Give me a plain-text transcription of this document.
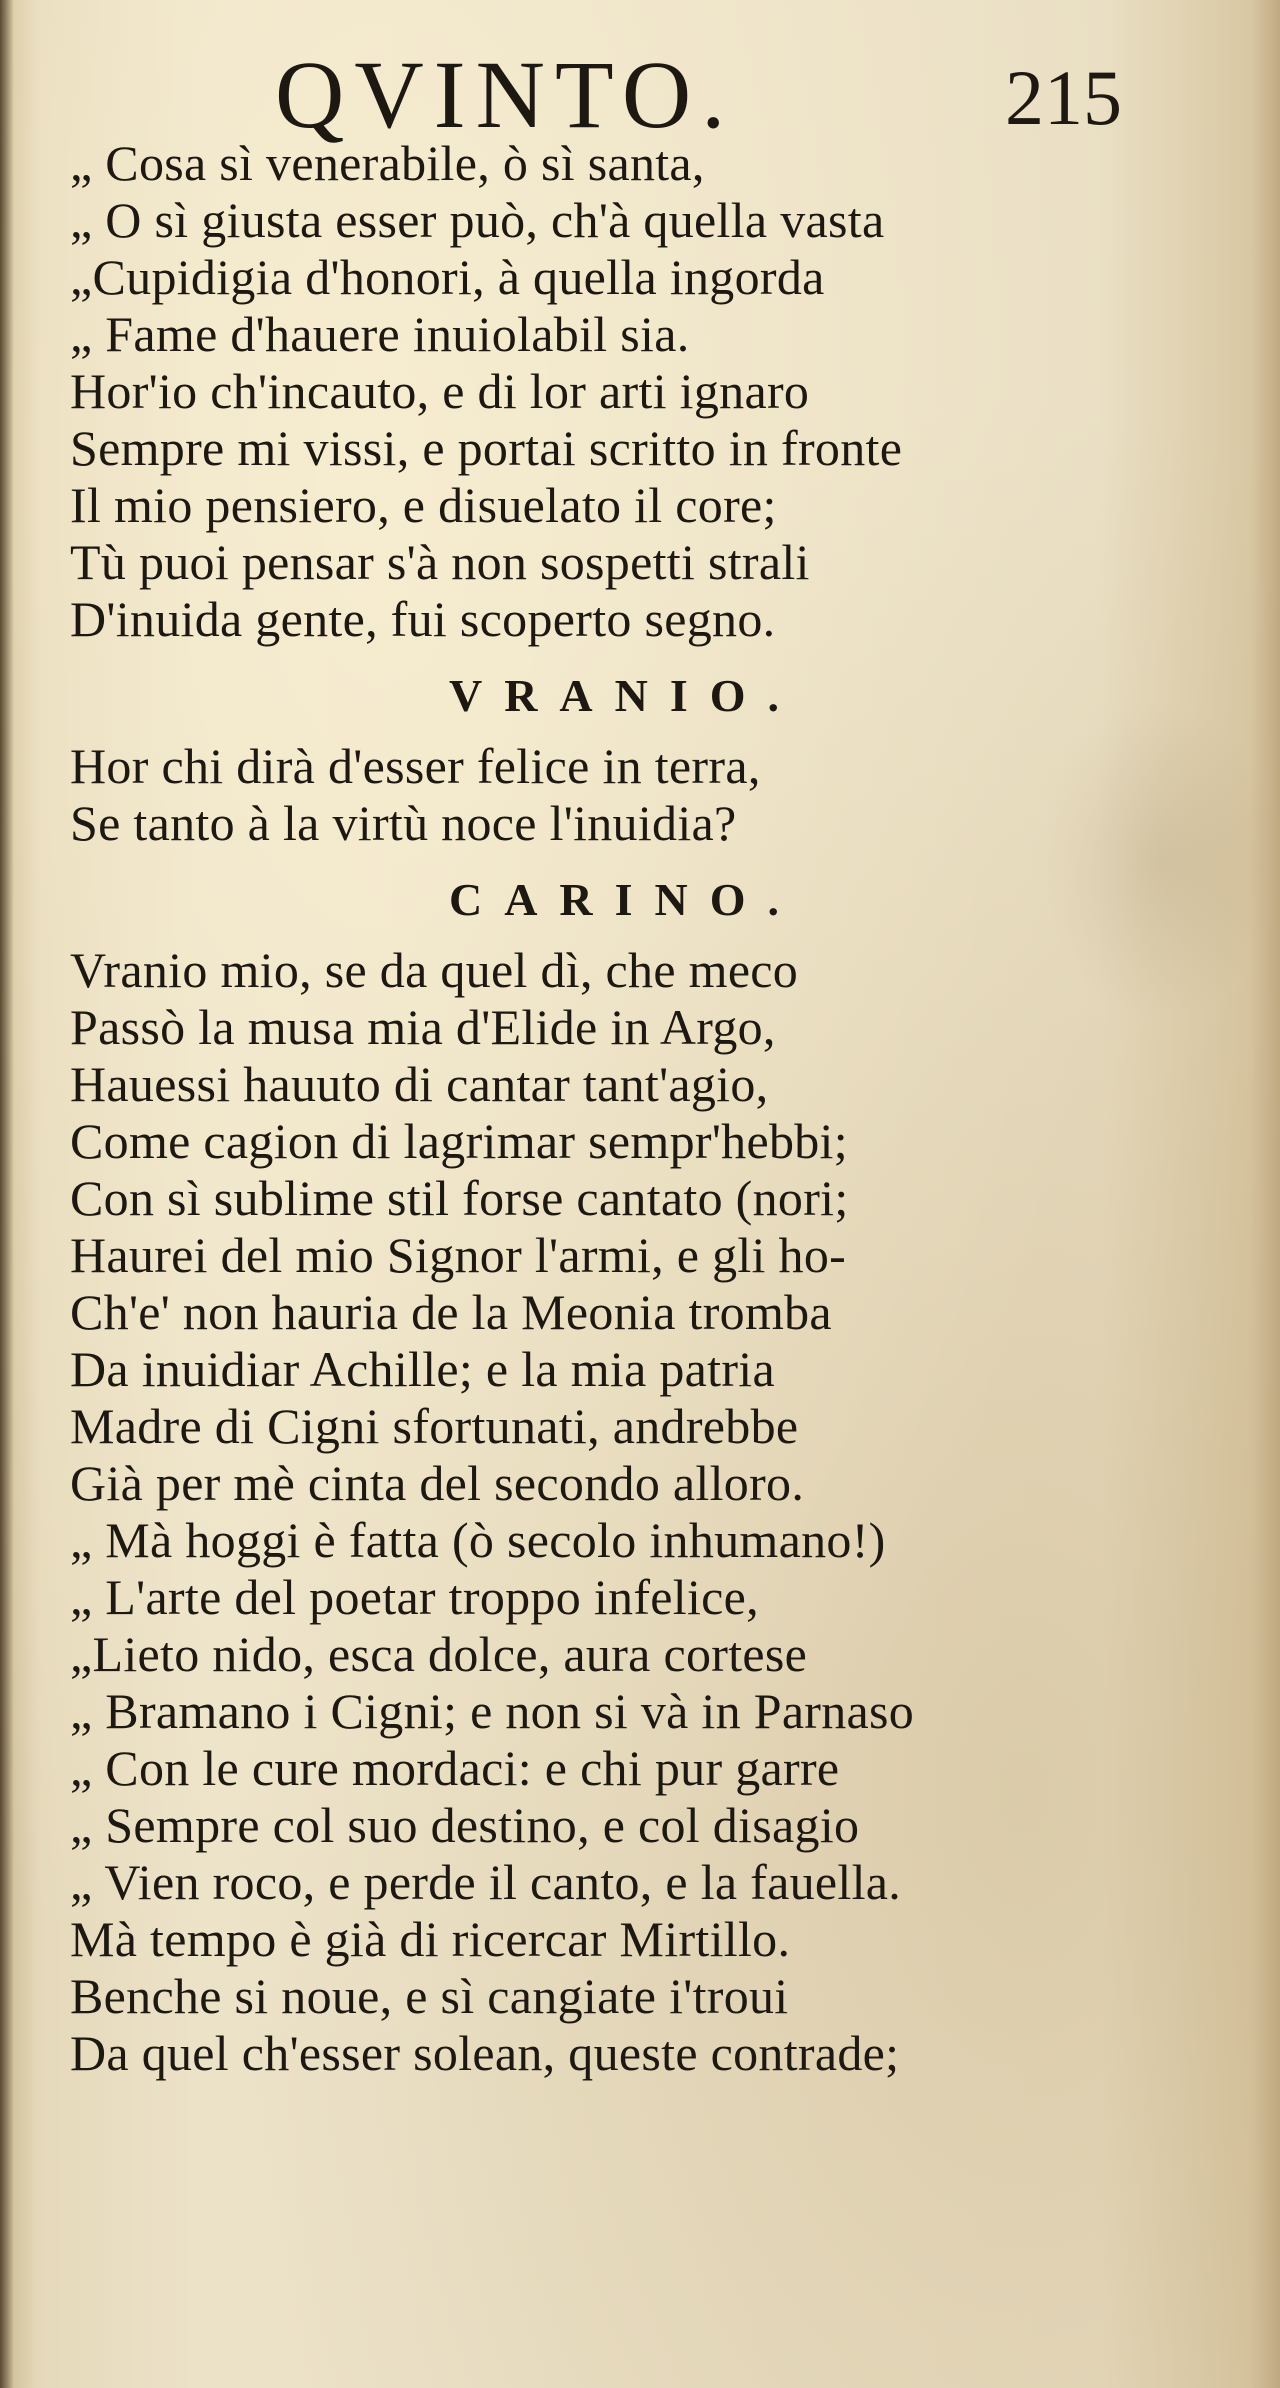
QVINTO.	215
„ Cosa sì venerabile, ò sì santa,
„ O sì giusta esser può, ch'à quella vasta
„Cupidigia d'honori, à quella ingorda
„ Fame d'hauere inuiolabil sia.
Hor'io ch'incauto, e di lor arti ignaro
Sempre mi vissi, e portai scritto in fronte
Il mio pensiero, e disuelato il core;
Tù puoi pensar s'à non sospetti strali
D'inuida gente, fui scoperto segno.
VRANIO.
Hor chi dirà d'esser felice in terra,
Se tanto à la virtù noce l'inuidia?
CARINO.
Vranio mio, se da quel dì, che meco
Passò la musa mia d'Elide in Argo,
Hauessi hauuto di cantar tant'agio,
Come cagion di lagrimar sempr'hebbi;
Con sì sublime stil forse cantato (nori;
Haurei del mio Signor l'armi, e gli ho-
Ch'e' non hauria de la Meonia tromba
Da inuidiar Achille; e la mia patria
Madre di Cigni sfortunati, andrebbe
Già per mè cinta del secondo alloro.
„ Mà hoggi è fatta (ò secolo inhumano!)
„ L'arte del poetar troppo infelice,
„Lieto nido, esca dolce, aura cortese
„ Bramano i Cigni; e non si và in Parnaso
„ Con le cure mordaci: e chi pur garre
„ Sempre col suo destino, e col disagio
„ Vien roco, e perde il canto, e la fauella.
Mà tempo è già di ricercar Mirtillo.
Benche si noue, e sì cangiate i'troui
Da quel ch'esser solean, queste contrade;
